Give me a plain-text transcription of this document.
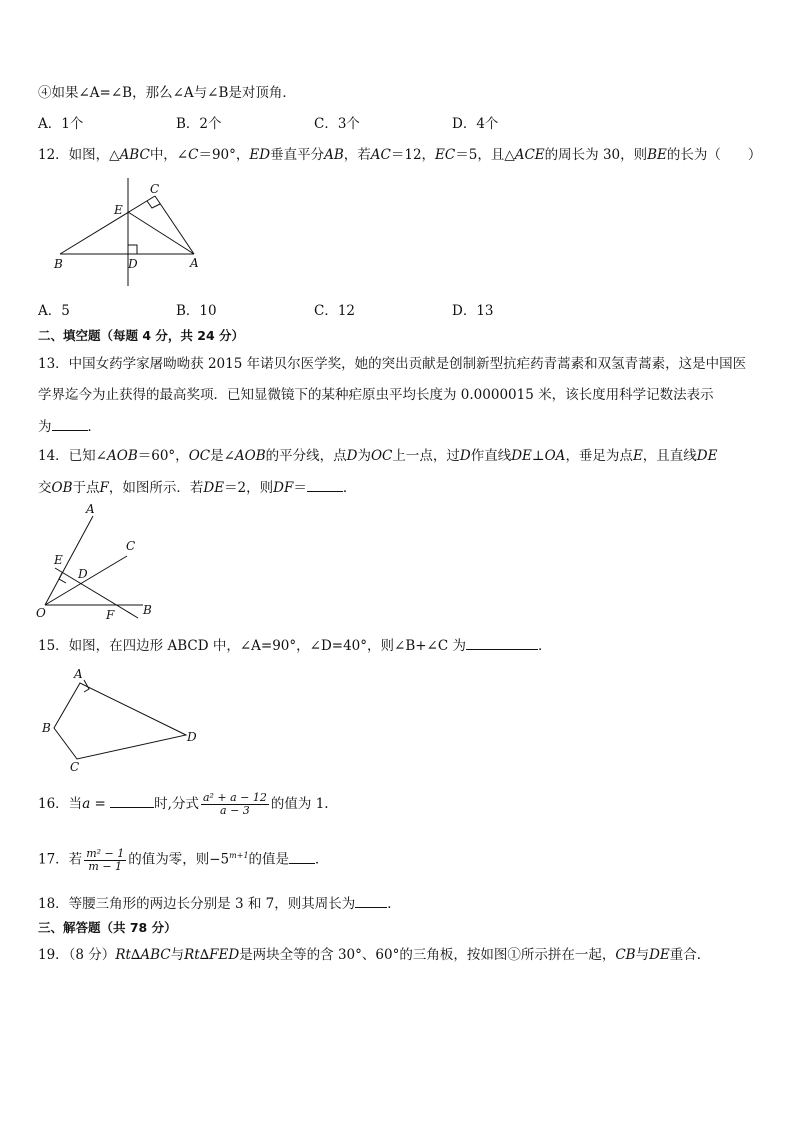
④如果∠A=∠B，那么∠A与∠B是对顶角．
A．1个	B．2个	C．3个	D．4个
12．如图，△ABC中，∠C＝90°，ED垂直平分AB，若AC＝12，EC＝5，且△ACE的周长为 30，则BE的长为（　　）
C
E
B	D	A
A．5	B．10	C．12	D．13
二、填空题（每题 4 分，共 24 分）
13．中国女药学家屠呦呦获 2015 年诺贝尔医学奖，她的突出贡献是创制新型抗疟药青蒿素和双氢青蒿素，这是中国医
学界迄今为止获得的最高奖项．已知显微镜下的某种疟原虫平均长度为 0.0000015 米，该长度用科学记数法表示
为	．
14．已知∠AOB＝60°，OC是∠AOB的平分线，点D为OC上一点，过D作直线DE⊥OA，垂足为点E，且直线DE
交OB于点F，如图所示．若DE＝2，则DF＝	．
A
C
E
D
O	F B
15．如图，在四边形 ABCD 中，∠A=90°，∠D=40°，则∠B+∠C 为	．
A
B
C
D
16．当a =	时,分式 $\frac{\text{a² + a − 12}}{a - 3}$ 的值为 1.
17．若 $\frac{\text{m² − 1}}{m - 1}$ 的值为零，则$-5^{m+1}$的值是 ．
18．等腰三角形的两边长分别是 3 和 7，则其周长为 ．
三、解答题（共 78 分）
19．（8 分）Rt∆ABC与Rt∆FED是两块全等的含 30°、60°的三角板，按如图①所示拼在一起，CB与DE重合．
